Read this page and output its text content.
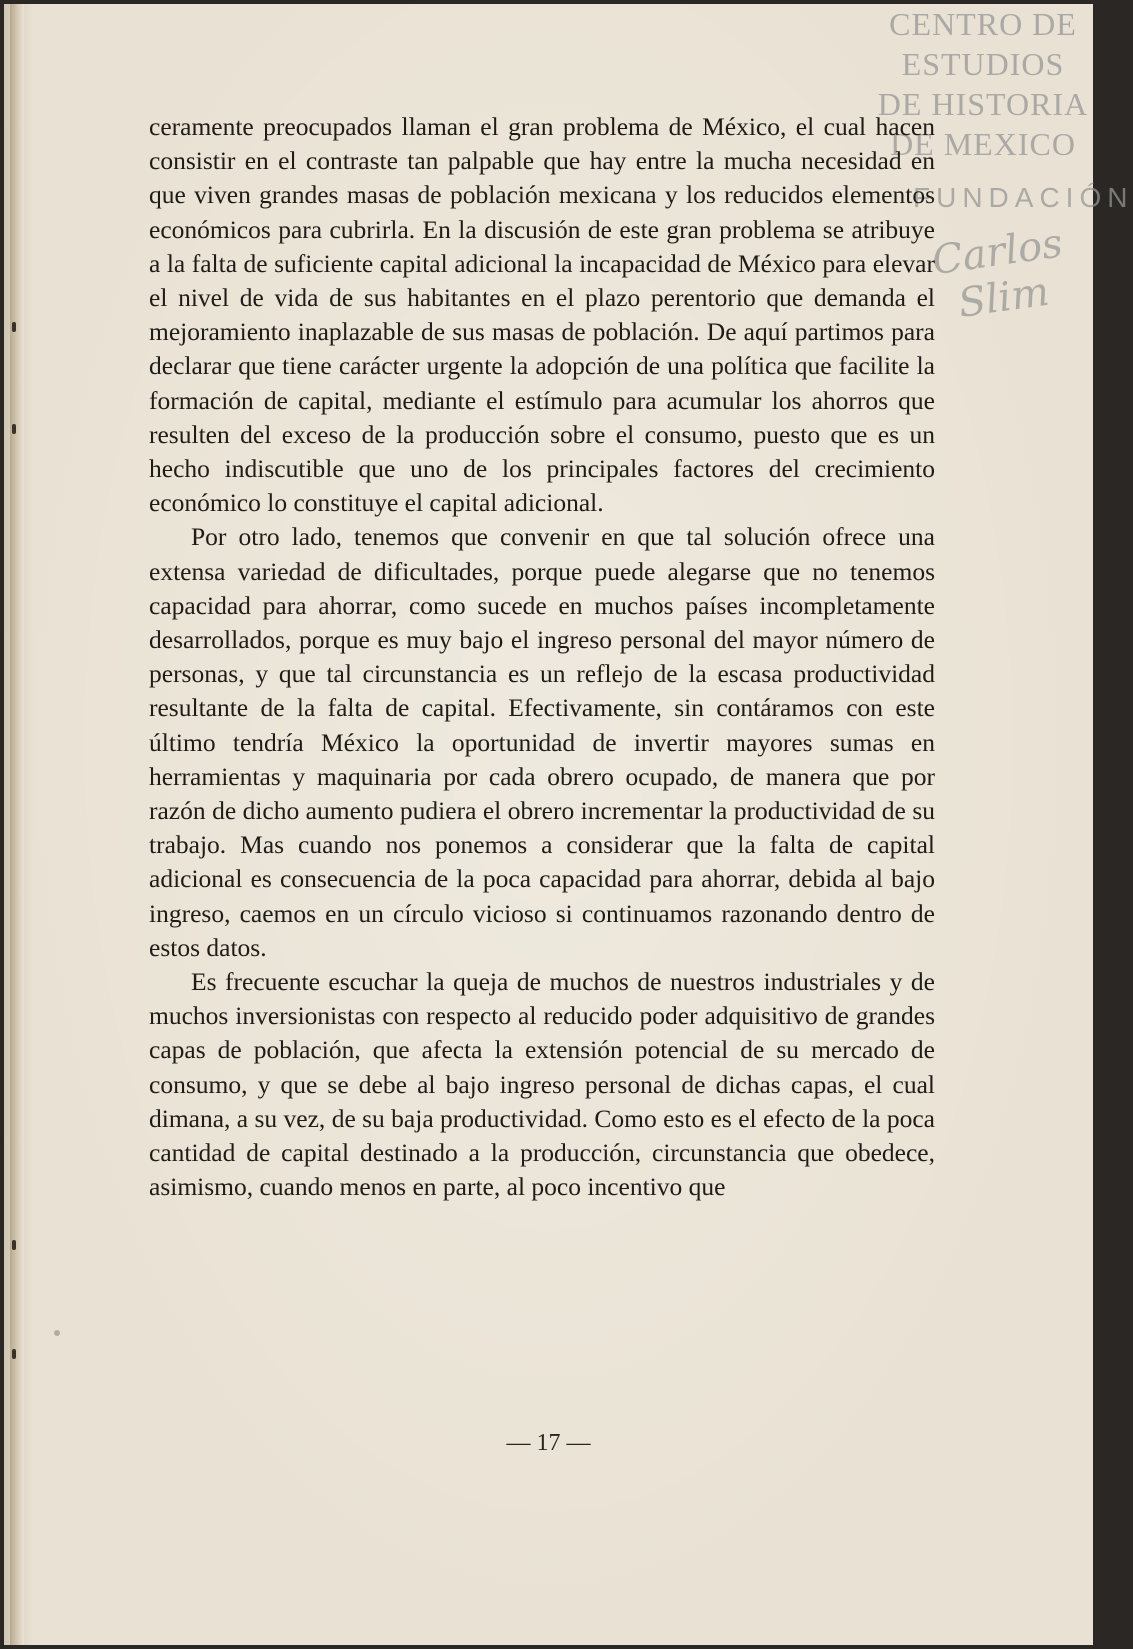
CENTRO DE
ESTUDIOS
DE HISTORIA
DE MEXICO
FUNDACIÓN
Carlos Slim

ceramente preocupados llaman el gran problema de México, el cual hacen consistir en el contraste tan palpable que hay entre la mucha necesidad en que viven grandes masas de población mexicana y los reducidos elementos económicos para cubrirla. En la discusión de este gran problema se atribuye a la falta de suficiente capital adicional la incapacidad de México para elevar el nivel de vida de sus habitantes en el plazo perentorio que demanda el mejoramiento inaplazable de sus masas de población. De aquí partimos para declarar que tiene carácter urgente la adopción de una política que facilite la formación de capital, mediante el estímulo para acumular los ahorros que resulten del exceso de la producción sobre el consumo, puesto que es un hecho indiscutible que uno de los principales factores del crecimiento económico lo constituye el capital adicional.

Por otro lado, tenemos que convenir en que tal solución ofrece una extensa variedad de dificultades, porque puede alegarse que no tenemos capacidad para ahorrar, como sucede en muchos países incompletamente desarrollados, porque es muy bajo el ingreso personal del mayor número de personas, y que tal circunstancia es un reflejo de la escasa productividad resultante de la falta de capital. Efectivamente, sin contáramos con este último tendría México la oportunidad de invertir mayores sumas en herramientas y maquinaria por cada obrero ocupado, de manera que por razón de dicho aumento pudiera el obrero incrementar la productividad de su trabajo. Mas cuando nos ponemos a considerar que la falta de capital adicional es consecuencia de la poca capacidad para ahorrar, debida al bajo ingreso, caemos en un círculo vicioso si continuamos razonando dentro de estos datos.

Es frecuente escuchar la queja de muchos de nuestros industriales y de muchos inversionistas con respecto al reducido poder adquisitivo de grandes capas de población, que afecta la extensión potencial de su mercado de consumo, y que se debe al bajo ingreso personal de dichas capas, el cual dimana, a su vez, de su baja productividad. Como esto es el efecto de la poca cantidad de capital destinado a la producción, circunstancia que obedece, asimismo, cuando menos en parte, al poco incentivo que

— 17 —
